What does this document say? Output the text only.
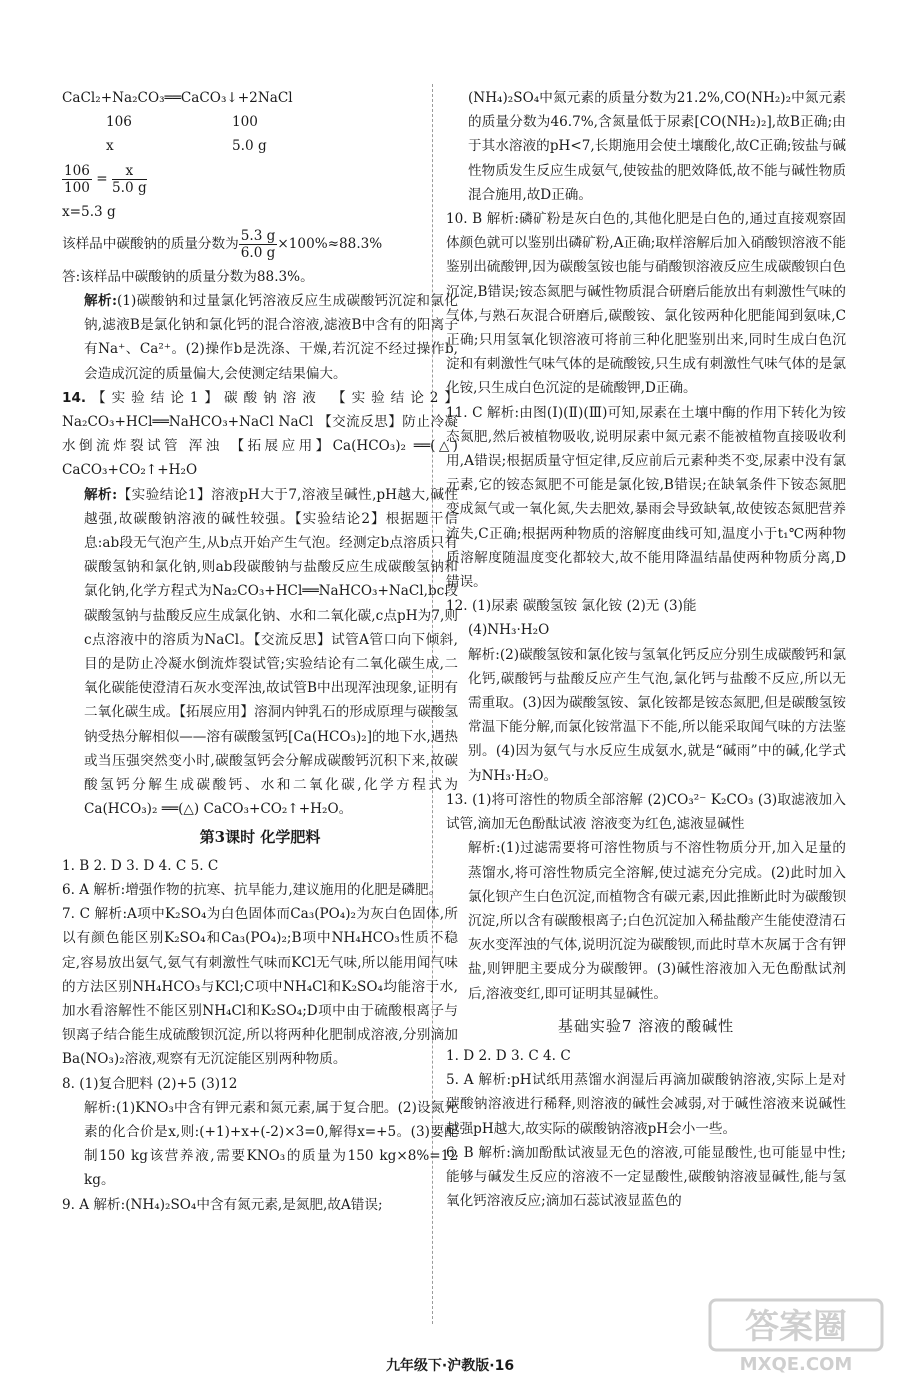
CaCl₂+Na₂CO₃══CaCO₃↓+2NaCl

106	100
x	5.0 g
$\frac{106}{100} = \frac{x}{5.0 g}$

x=5.3 g

该样品中碳酸钠的质量分数为 $\frac{5.3 g}{6.0 g} \times 100\%\approx 88.3\%$

答:该样品中碳酸钠的质量分数为88.3%。

解析:(1)碳酸钠和过量氯化钙溶液反应生成碳酸钙沉淀和氯化钠,滤液B是氯化钠和氯化钙的混合溶液,滤液B中含有的阳离子有Na⁺、Ca²⁺。(2)操作b是洗涤、干燥,若沉淀不经过操作b,会造成沉淀的质量偏大,会使测定结果偏大。

14.【实验结论1】碳酸钠溶液 【实验结论2】Na₂CO₃+HCl══NaHCO₃+NaCl NaCl 【交流反思】防止冷凝水倒流炸裂试管 浑浊 【拓展应用】Ca(HCO₃)₂ ══(△) CaCO₃+CO₂↑+H₂O

解析:【实验结论1】溶液pH大于7,溶液呈碱性,pH越大,碱性越强,故碳酸钠溶液的碱性较强。【实验结论2】根据题干信息:ab段无气泡产生,从b点开始产生气泡。经测定b点溶质只有碳酸氢钠和氯化钠,则ab段碳酸钠与盐酸反应生成碳酸氢钠和氯化钠,化学方程式为Na₂CO₃+HCl══NaHCO₃+NaCl,bc段碳酸氢钠与盐酸反应生成氯化钠、水和二氧化碳,c点pH为7,则c点溶液中的溶质为NaCl。【交流反思】试管A管口向下倾斜,目的是防止冷凝水倒流炸裂试管;实验结论有二氧化碳生成,二氧化碳能使澄清石灰水变浑浊,故试管B中出现浑浊现象,证明有二氧化碳生成。【拓展应用】溶洞内钟乳石的形成原理与碳酸氢钠受热分解相似——溶有碳酸氢钙[Ca(HCO₃)₂]的地下水,遇热或当压强突然变小时,碳酸氢钙会分解成碳酸钙沉积下来,故碳酸氢钙分解生成碳酸钙、水和二氧化碳,化学方程式为Ca(HCO₃)₂ ══(△) CaCO₃+CO₂↑+H₂O。

第3课时 化学肥料

1. B 2. D 3. D 4. C 5. C

6. A 解析:增强作物的抗寒、抗旱能力,建议施用的化肥是磷肥。

7. C 解析:A项中K₂SO₄为白色固体而Ca₃(PO₄)₂为灰白色固体,所以有颜色能区别K₂SO₄和Ca₃(PO₄)₂;B项中NH₄HCO₃性质不稳定,容易放出氨气,氨气有刺激性气味而KCl无气味,所以能用闻气味的方法区别NH₄HCO₃与KCl;C项中NH₄Cl和K₂SO₄均能溶于水,加水看溶解性不能区别NH₄Cl和K₂SO₄;D项中由于硫酸根离子与钡离子结合能生成硫酸钡沉淀,所以将两种化肥制成溶液,分别滴加Ba(NO₃)₂溶液,观察有无沉淀能区别两种物质。

8. (1)复合肥料 (2)+5 (3)12

解析:(1)KNO₃中含有钾元素和氮元素,属于复合肥。(2)设氮元素的化合价是x,则:(+1)+x+(-2)×3=0,解得x=+5。(3)要配制150 kg该营养液,需要KNO₃的质量为150 kg×8%=12 kg。

9. A 解析:(NH₄)₂SO₄中含有氮元素,是氮肥,故A错误;

(NH₄)₂SO₄中氮元素的质量分数为21.2%,CO(NH₂)₂中氮元素的质量分数为46.7%,含氮量低于尿素[CO(NH₂)₂],故B正确;由于其水溶液的pH<7,长期施用会使土壤酸化,故C正确;铵盐与碱性物质发生反应生成氨气,使铵盐的肥效降低,故不能与碱性物质混合施用,故D正确。

10. B 解析:磷矿粉是灰白色的,其他化肥是白色的,通过直接观察固体颜色就可以鉴别出磷矿粉,A正确;取样溶解后加入硝酸钡溶液不能鉴别出硫酸钾,因为碳酸氢铵也能与硝酸钡溶液反应生成碳酸钡白色沉淀,B错误;铵态氮肥与碱性物质混合研磨后能放出有刺激性气味的气体,与熟石灰混合研磨后,碳酸铵、氯化铵两种化肥能闻到氨味,C正确;只用氢氧化钡溶液可将前三种化肥鉴别出来,同时生成白色沉淀和有刺激性气味气体的是硫酸铵,只生成有刺激性气味气体的是氯化铵,只生成白色沉淀的是硫酸钾,D正确。

11. C 解析:由图(Ⅰ)(Ⅱ)(Ⅲ)可知,尿素在土壤中酶的作用下转化为铵态氮肥,然后被植物吸收,说明尿素中氮元素不能被植物直接吸收利用,A错误;根据质量守恒定律,反应前后元素种类不变,尿素中没有氯元素,它的铵态氮肥不可能是氯化铵,B错误;在缺氧条件下铵态氮肥变成氮气或一氧化氮,失去肥效,暴雨会导致缺氧,故使铵态氮肥营养流失,C正确;根据两种物质的溶解度曲线可知,温度小于t₁℃两种物质溶解度随温度变化都较大,故不能用降温结晶使两种物质分离,D错误。

12. (1)尿素 碳酸氢铵 氯化铵 (2)无 (3)能

(4)NH₃·H₂O

解析:(2)碳酸氢铵和氯化铵与氢氧化钙反应分别生成碳酸钙和氯化钙,碳酸钙与盐酸反应产生气泡,氯化钙与盐酸不反应,所以无需重取。(3)因为碳酸氢铵、氯化铵都是铵态氮肥,但是碳酸氢铵常温下能分解,而氯化铵常温下不能,所以能采取闻气味的方法鉴别。(4)因为氨气与水反应生成氨水,就是“碱雨”中的碱,化学式为NH₃·H₂O。

13. (1)将可溶性的物质全部溶解 (2)CO₃²⁻ K₂CO₃ (3)取滤液加入试管,滴加无色酚酞试液 溶液变为红色,滤液显碱性

解析:(1)过滤需要将可溶性物质与不溶性物质分开,加入足量的蒸馏水,将可溶性物质完全溶解,使过滤充分完成。(2)此时加入氯化钡产生白色沉淀,而植物含有碳元素,因此推断此时为碳酸钡沉淀,所以含有碳酸根离子;白色沉淀加入稀盐酸产生能使澄清石灰水变浑浊的气体,说明沉淀为碳酸钡,而此时草木灰属于含有钾盐,则钾肥主要成分为碳酸钾。(3)碱性溶液加入无色酚酞试剂后,溶液变红,即可证明其显碱性。

基础实验7 溶液的酸碱性

1. D 2. D 3. C 4. C

5. A 解析:pH试纸用蒸馏水润湿后再滴加碳酸钠溶液,实际上是对碳酸钠溶液进行稀释,则溶液的碱性会减弱,对于碱性溶液来说碱性越强pH越大,故实际的碳酸钠溶液pH会小一些。

6. B 解析:滴加酚酞试液显无色的溶液,可能显酸性,也可能显中性;能够与碱发生反应的溶液不一定显酸性,碳酸钠溶液显碱性,能与氢氧化钙溶液反应;滴加石蕊试液显蓝色的

九年级下·沪教版·16
答案圈
MXQE.COM
